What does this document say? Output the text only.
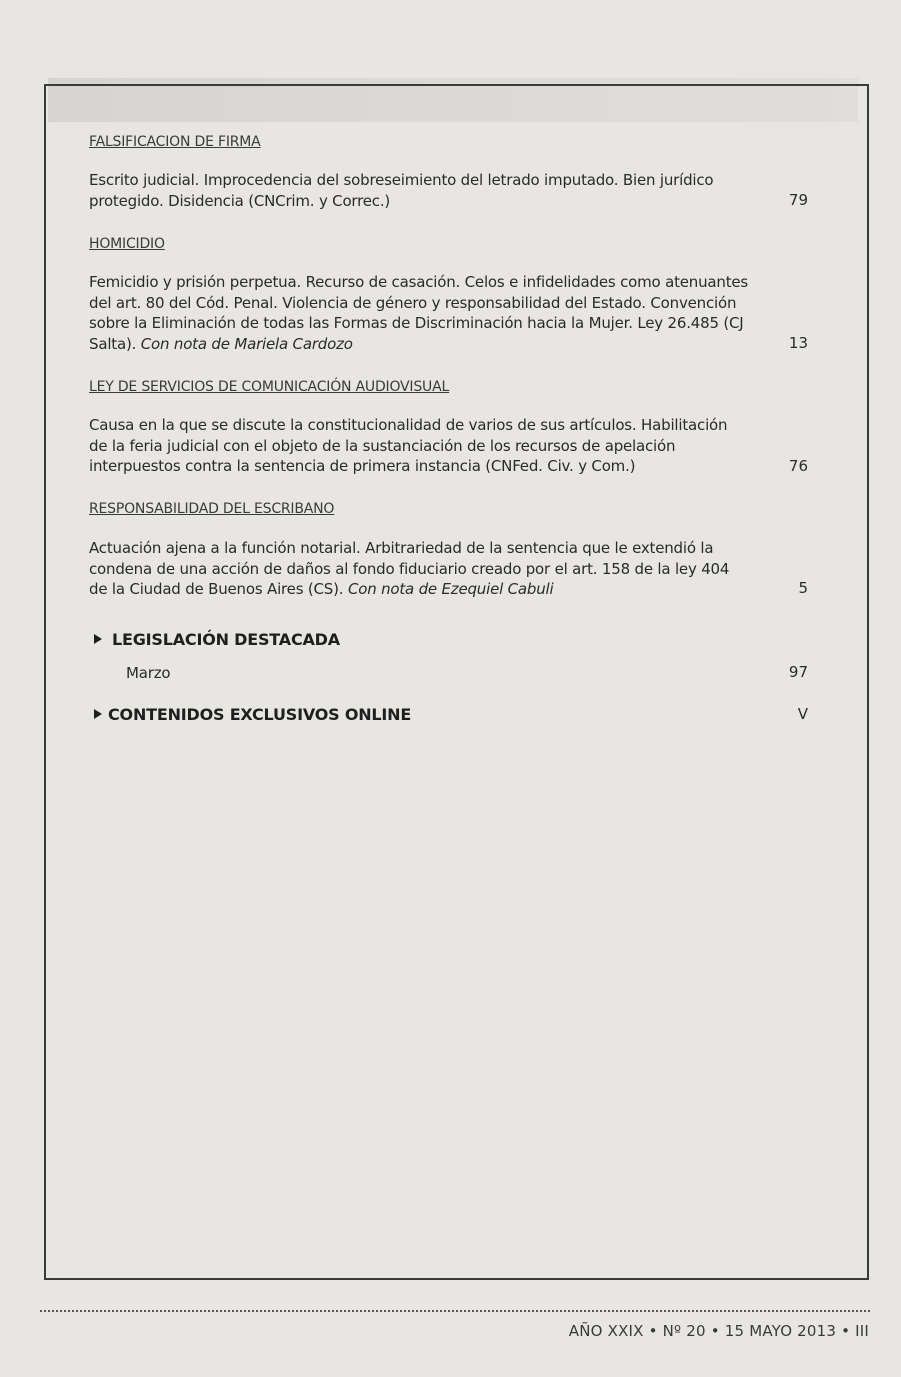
FALSIFICACION DE FIRMA
Escrito judicial. Improcedencia del sobreseimiento del letrado imputado. Bien jurídico protegido. Disidencia (CNCrim. y Correc.)	79
HOMICIDIO
Femicidio y prisión perpetua. Recurso de casación. Celos e infidelidades como atenuantes del art. 80 del Cód. Penal. Violencia de género y responsabilidad del Estado. Convención sobre la Eliminación de todas las Formas de Discriminación hacia la Mujer. Ley 26.485 (CJ Salta). Con nota de Mariela Cardozo	13
LEY DE SERVICIOS DE COMUNICACIÓN AUDIOVISUAL
Causa en la que se discute la constitucionalidad de varios de sus artículos. Habilitación de la feria judicial con el objeto de la sustanciación de los recursos de apelación interpuestos contra la sentencia de primera instancia (CNFed. Civ. y Com.)	76
RESPONSABILIDAD DEL ESCRIBANO
Actuación ajena a la función notarial. Arbitrariedad de la sentencia que le extendió la condena de una acción de daños al fondo fiduciario creado por el art. 158 de la ley 404 de la Ciudad de Buenos Aires (CS). Con nota de Ezequiel Cabuli	5
LEGISLACIÓN DESTACADA
Marzo	97
CONTENIDOS EXCLUSIVOS ONLINE	V
AÑO XXIX • Nº 20 • 15 MAYO 2013 • III
